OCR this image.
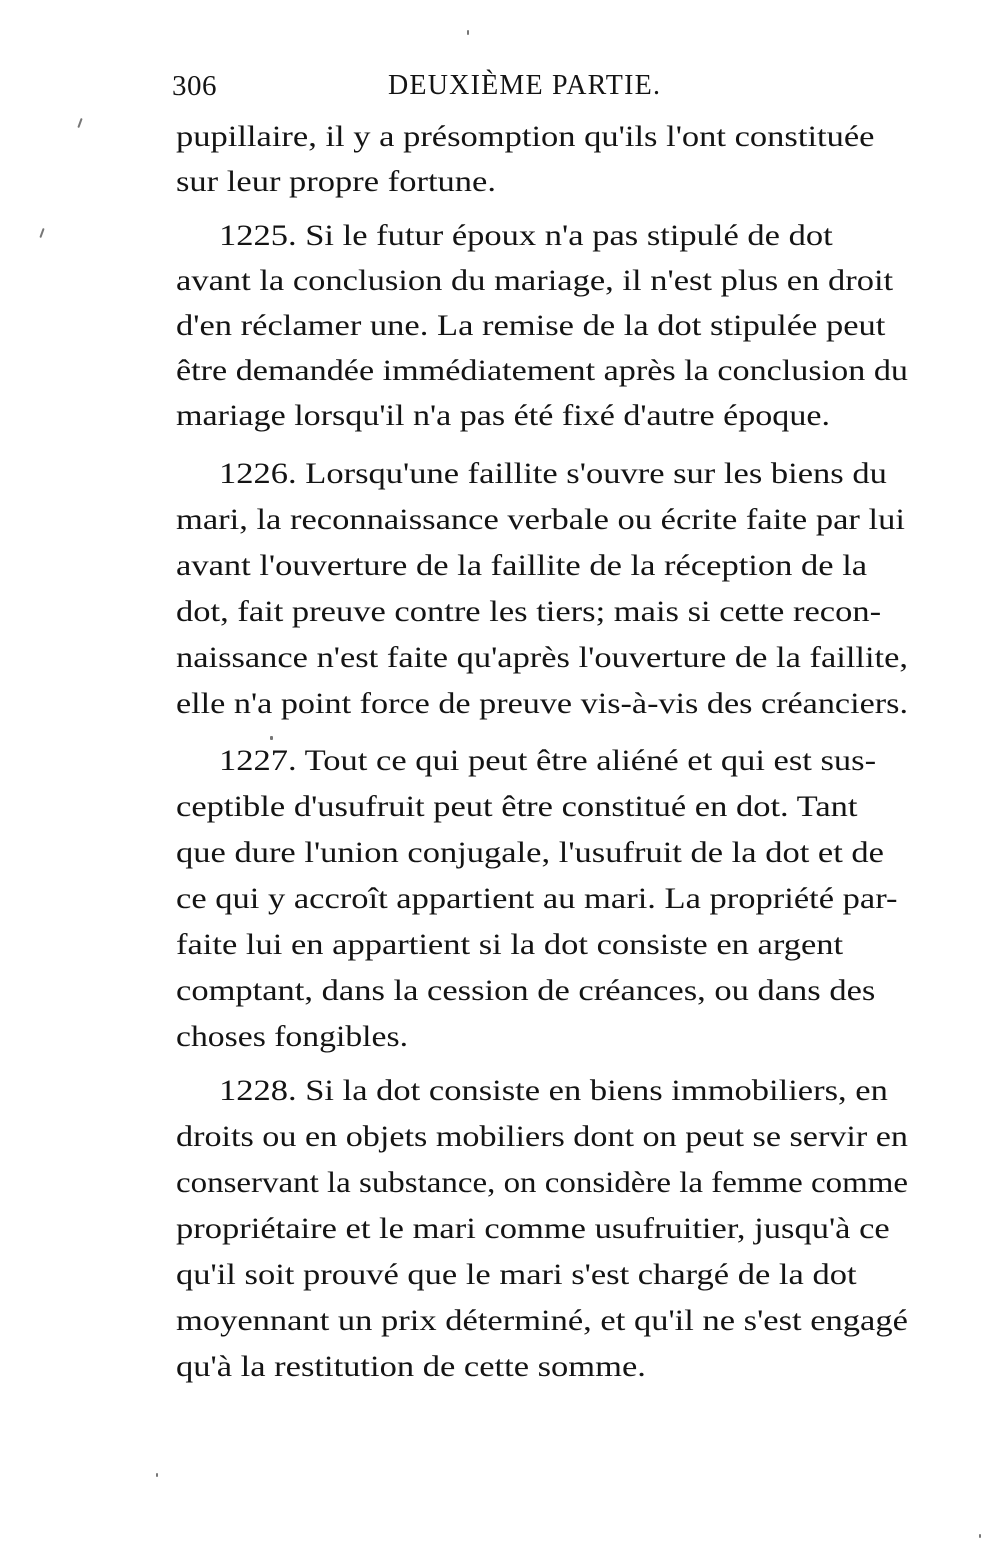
306	DEUXIÈME PARTIE.
pupillaire, il y a présomption qu'ils l'ont constituée
sur leur propre fortune.
1225. Si le futur époux n'a pas stipulé de dot
avant la conclusion du mariage, il n'est plus en droit
d'en réclamer une. La remise de la dot stipulée peut
être demandée immédiatement après la conclusion du
mariage lorsqu'il n'a pas été fixé d'autre époque.
1226. Lorsqu'une faillite s'ouvre sur les biens du
mari, la reconnaissance verbale ou écrite faite par lui
avant l'ouverture de la faillite de la réception de la
dot, fait preuve contre les tiers; mais si cette recon-
naissance n'est faite qu'après l'ouverture de la faillite,
elle n'a point force de preuve vis-à-vis des créanciers.
1227. Tout ce qui peut être aliéné et qui est sus-
ceptible d'usufruit peut être constitué en dot. Tant
que dure l'union conjugale, l'usufruit de la dot et de
ce qui y accroît appartient au mari. La propriété par-
faite lui en appartient si la dot consiste en argent
comptant, dans la cession de créances, ou dans des
choses fongibles.
1228. Si la dot consiste en biens immobiliers, en
droits ou en objets mobiliers dont on peut se servir en
conservant la substance, on considère la femme comme
propriétaire et le mari comme usufruitier, jusqu'à ce
qu'il soit prouvé que le mari s'est chargé de la dot
moyennant un prix déterminé, et qu'il ne s'est engagé
qu'à la restitution de cette somme.
